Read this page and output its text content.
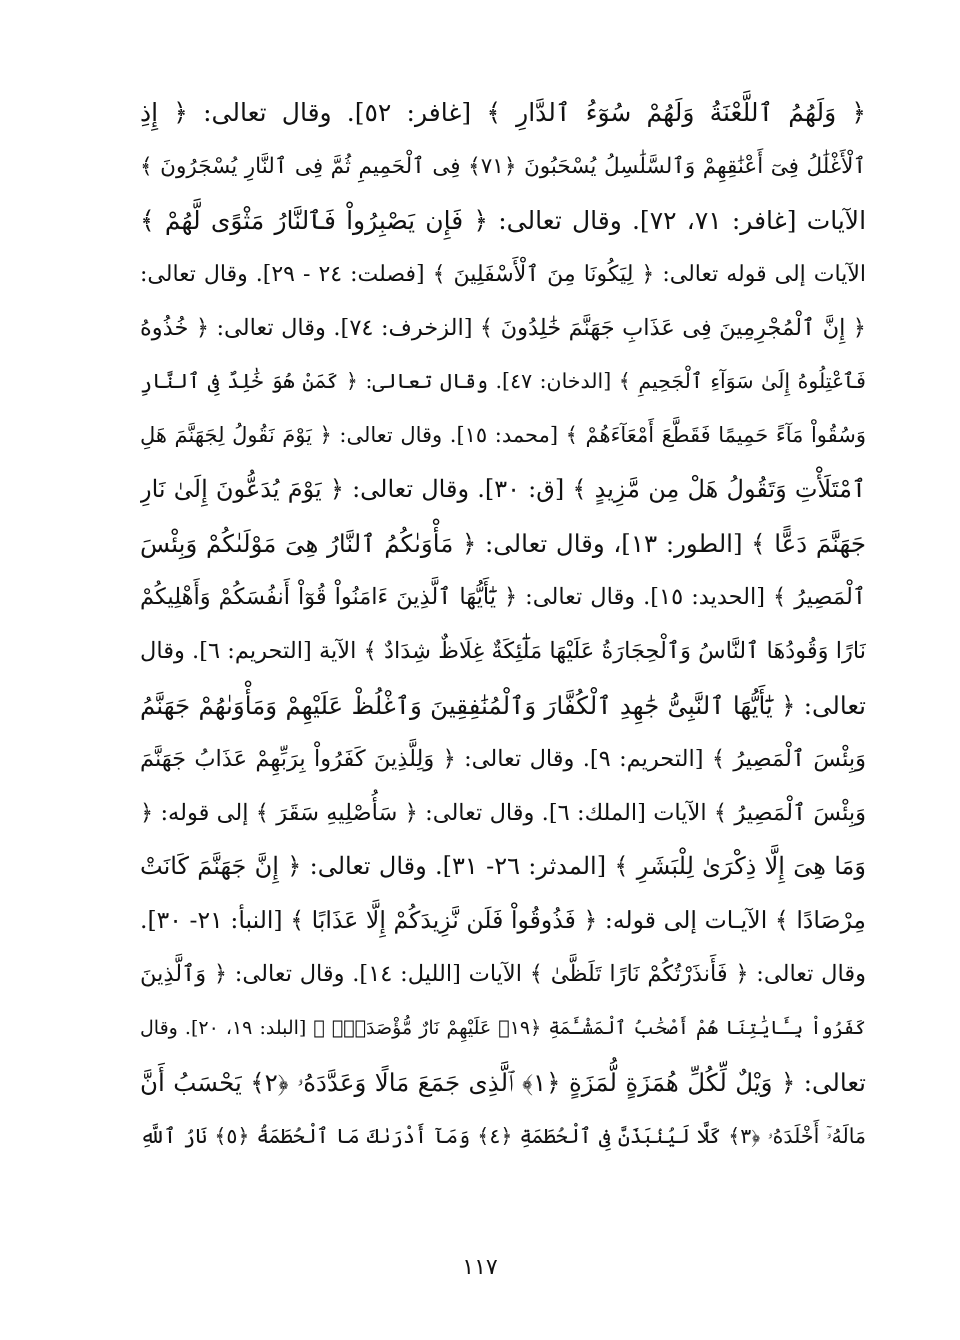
﴿ وَلَهُمُ ٱللَّعْنَةُ وَلَهُمْ سُوٓءُ ٱلدَّارِ ﴾ [غافر: ٥٢]. وقال تعالى: ﴿ إِذِ
ٱلْأَغْلَٰلُ فِىٓ أَعْنَٰقِهِمْ وَٱلسَّلَٰسِلُ يُسْحَبُونَ ﴿٧١﴾ فِى ٱلْحَمِيمِ ثُمَّ فِى ٱلنَّارِ يُسْجَرُونَ ﴾
الآيات [غافر: ٧١، ٧٢]. وقال تعالى: ﴿ فَإِن يَصْبِرُواْ فَٱلنَّارُ مَثْوًى لَّهُمْ ﴾
الآيات إلى قوله تعالى: ﴿ لِيَكُونَا مِنَ ٱلْأَسْفَلِينَ ﴾ [فصلت: ٢٤ - ٢٩]. وقال تعالى:
﴿ إِنَّ ٱلْمُجْرِمِينَ فِى عَذَابِ جَهَنَّمَ خَٰلِدُونَ ﴾ [الزخرف: ٧٤]. وقال تعالى: ﴿ خُذُوهُ
فَٱعْتِلُوهُ إِلَىٰ سَوَآءِ ٱلْجَحِيمِ ﴾ [الدخان: ٤٧]. وقال تعالى: ﴿ كَمَنْ هُوَ خَٰلِدٌ فِى ٱلنَّارِ
وَسُقُواْ مَآءً حَمِيمًا فَقَطَّعَ أَمْعَآءَهُمْ ﴾ [محمد: ١٥]. وقال تعالى: ﴿ يَوْمَ نَقُولُ لِجَهَنَّمَ هَلِ
ٱمْتَلَأْتِ وَتَقُولُ هَلْ مِن مَّزِيدٍ ﴾ [ق: ٣٠]. وقال تعالى: ﴿ يَوْمَ يُدَعُّونَ إِلَىٰ نَارِ
جَهَنَّمَ دَعًّا ﴾ [الطور: ١٣]، وقال تعالى: ﴿ مَأْوَىٰكُمُ ٱلنَّارُ هِىَ مَوْلَىٰكُمْ وَبِئْسَ
ٱلْمَصِيرُ ﴾ [الحديد: ١٥]. وقال تعالى: ﴿ يَٰٓأَيُّهَا ٱلَّذِينَ ءَامَنُواْ قُوٓاْ أَنفُسَكُمْ وَأَهْلِيكُمْ
نَارًا وَقُودُهَا ٱلنَّاسُ وَٱلْحِجَارَةُ عَلَيْهَا مَلَٰٓئِكَةٌ غِلَاظٌ شِدَادٌ ﴾ الآية [التحريم: ٦]. وقال
تعالى: ﴿ يَٰٓأَيُّهَا ٱلنَّبِىُّ جَٰهِدِ ٱلْكُفَّارَ وَٱلْمُنَٰفِقِينَ وَٱغْلُظْ عَلَيْهِمْ وَمَأْوَىٰهُمْ جَهَنَّمُ
وَبِئْسَ ٱلْمَصِيرُ ﴾ [التحريم: ٩]. وقال تعالى: ﴿ وَلِلَّذِينَ كَفَرُواْ بِرَبِّهِمْ عَذَابُ جَهَنَّمَ
وَبِئْسَ ٱلْمَصِيرُ ﴾ الآيات [الملك: ٦]. وقال تعالى: ﴿ سَأُصْلِيهِ سَقَرَ ﴾ إلى قوله: ﴿
وَمَا هِىَ إِلَّا ذِكْرَىٰ لِلْبَشَرِ ﴾ [المدثر: ٢٦- ٣١]. وقال تعالى: ﴿ إِنَّ جَهَنَّمَ كَانَتْ
مِرْصَادًا ﴾ الآيـات إلى قوله: ﴿ فَذُوقُواْ فَلَن نَّزِيدَكُمْ إِلَّا عَذَابًا ﴾ [النبأ: ٢١- ٣٠].
وقال تعالى: ﴿ فَأَنذَرْتُكُمْ نَارًا تَلَظَّىٰ ﴾ الآيات [الليل: ١٤]. وقال تعالى: ﴿ وَٱلَّذِينَ
كَفَرُواْ بِـَٔايَٰتِنَا هُمْ أَصْحَٰبُ ٱلْمَشْـَٔمَةِ ﴿١٩﴾ عَلَيْهِمْ نَارٌ مُّؤْصَدَةٌۢ ﴾ [البلد: ١٩، ٢٠]. وقال
تعالى: ﴿ وَيْلٌ لِّكُلِّ هُمَزَةٍ لُّمَزَةٍ ﴿١﴾ ٱلَّذِى جَمَعَ مَالًا وَعَدَّدَهُۥ ﴿٢﴾ يَحْسَبُ أَنَّ
مَالَهُۥٓ أَخْلَدَهُۥ ﴿٣﴾ كَلَّا لَيُنۢبَذَنَّ فِى ٱلْحُطَمَةِ ﴿٤﴾ وَمَآ أَدْرَىٰكَ مَا ٱلْحُطَمَةُ ﴿٥﴾ نَارُ ٱللَّهِ
١١٧
